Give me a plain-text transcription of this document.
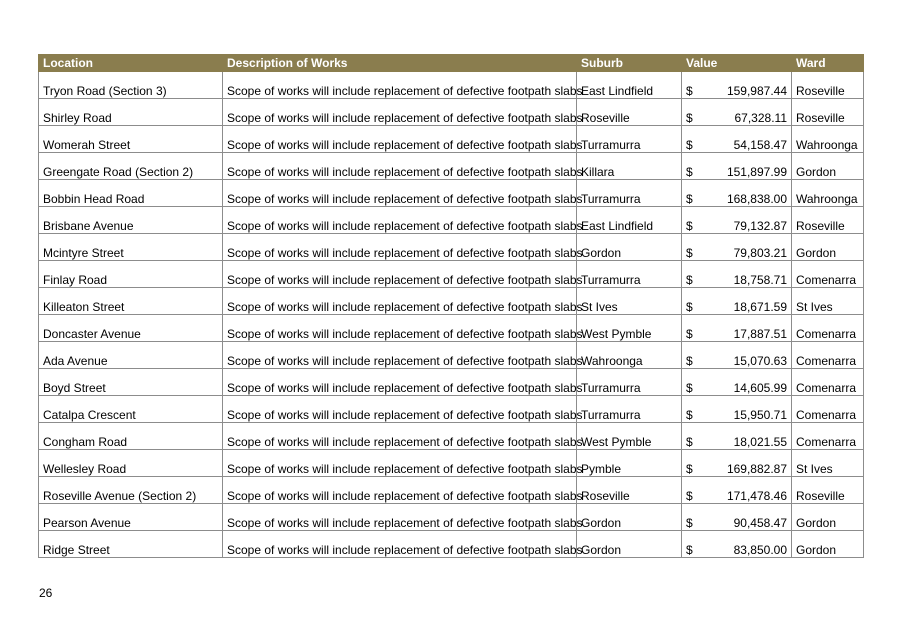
Location	Description of Works	Suburb	Value	Ward
Tryon Road (Section 3)	Scope of works will include replacement of defective footpath slabs	East Lindfield	$ 159,987.44	Roseville
Shirley Road	Scope of works will include replacement of defective footpath slabs	Roseville	$ 67,328.11	Roseville
Womerah Street	Scope of works will include replacement of defective footpath slabs	Turramurra	$ 54,158.47	Wahroonga
Greengate Road (Section 2)	Scope of works will include replacement of defective footpath slabs	Killara	$ 151,897.99	Gordon
Bobbin Head Road	Scope of works will include replacement of defective footpath slabs	Turramurra	$ 168,838.00	Wahroonga
Brisbane Avenue	Scope of works will include replacement of defective footpath slabs	East Lindfield	$ 79,132.87	Roseville
Mcintyre Street	Scope of works will include replacement of defective footpath slabs	Gordon	$ 79,803.21	Gordon
Finlay Road	Scope of works will include replacement of defective footpath slabs	Turramurra	$ 18,758.71	Comenarra
Killeaton Street	Scope of works will include replacement of defective footpath slabs	St Ives	$ 18,671.59	St Ives
Doncaster Avenue	Scope of works will include replacement of defective footpath slabs	West Pymble	$ 17,887.51	Comenarra
Ada Avenue	Scope of works will include replacement of defective footpath slabs	Wahroonga	$ 15,070.63	Comenarra
Boyd Street	Scope of works will include replacement of defective footpath slabs	Turramurra	$ 14,605.99	Comenarra
Catalpa Crescent	Scope of works will include replacement of defective footpath slabs	Turramurra	$ 15,950.71	Comenarra
Congham Road	Scope of works will include replacement of defective footpath slabs	West Pymble	$ 18,021.55	Comenarra
Wellesley Road	Scope of works will include replacement of defective footpath slabs	Pymble	$ 169,882.87	St Ives
Roseville Avenue (Section 2)	Scope of works will include replacement of defective footpath slabs	Roseville	$ 171,478.46	Roseville
Pearson Avenue	Scope of works will include replacement of defective footpath slabs	Gordon	$ 90,458.47	Gordon
Ridge Street	Scope of works will include replacement of defective footpath slabs	Gordon	$ 83,850.00	Gordon
26
